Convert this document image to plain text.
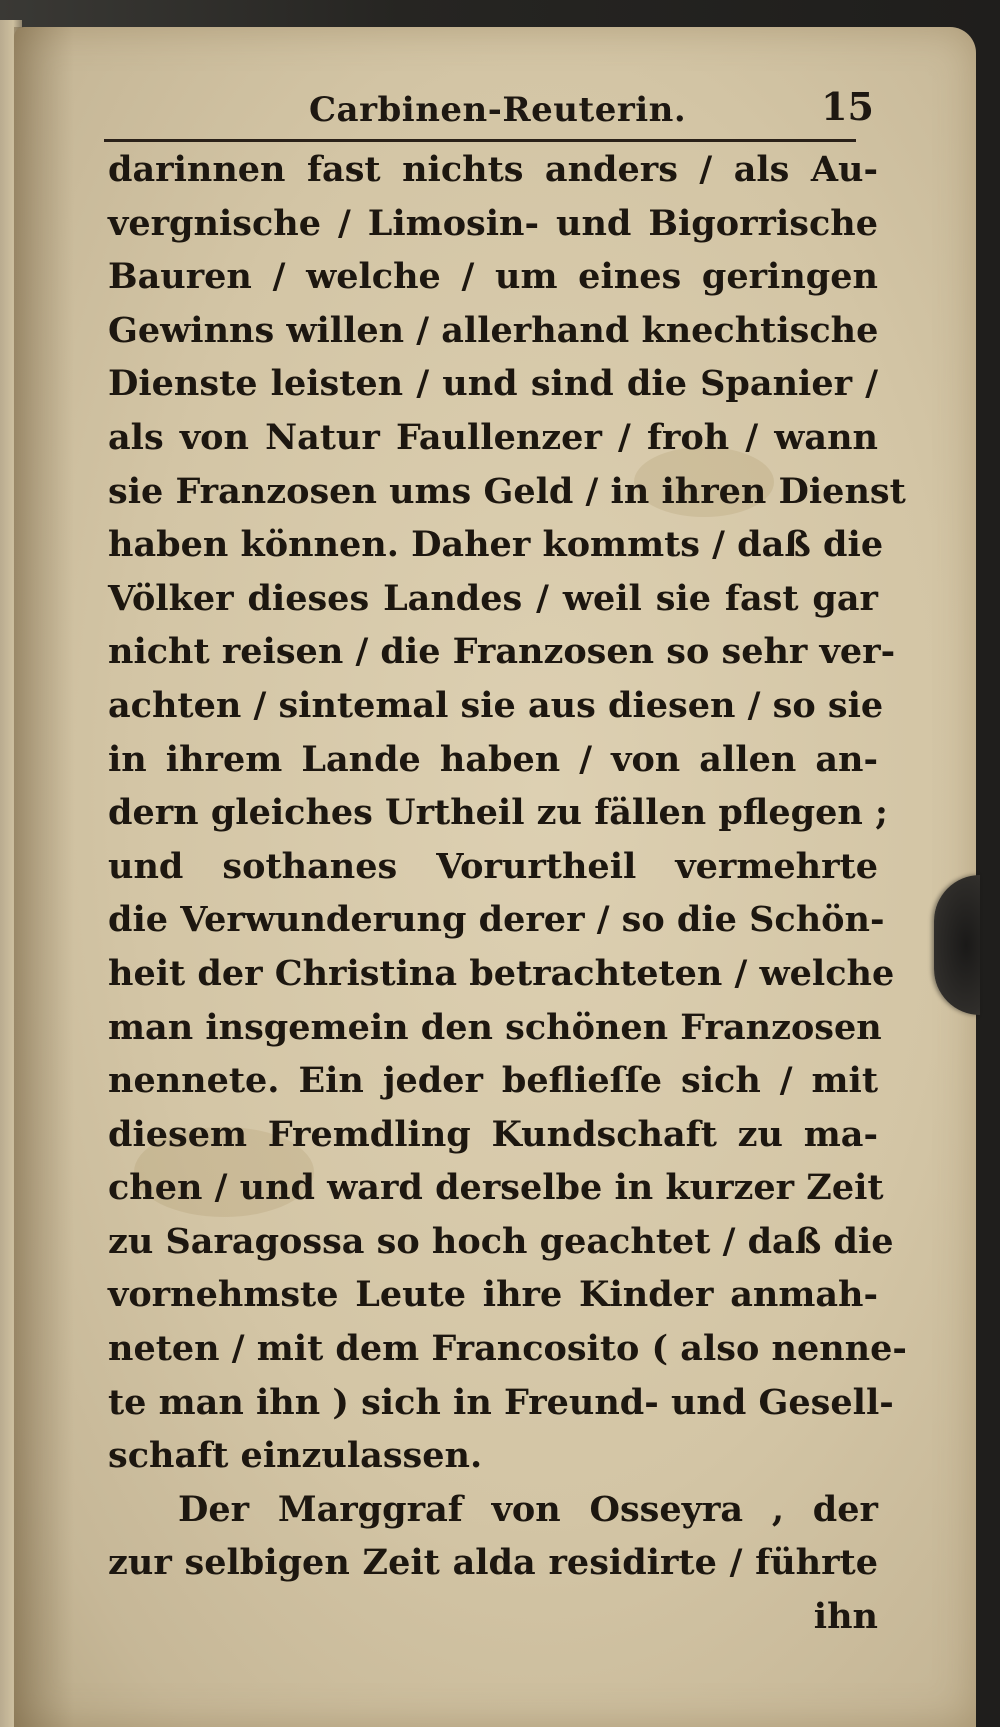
Carbinen-Reuterin.	15
darinnen fast nichts anders / als Au-
vergnische / Limosin- und Bigorrische
Bauren / welche / um eines geringen
Gewinns willen / allerhand knechtische
Dienste leisten / und sind die Spanier /
als von Natur Faullenzer / froh / wann
sie Franzosen ums Geld / in ihren Dienst
haben können. Daher kommts / daß die
Völker dieses Landes / weil sie fast gar
nicht reisen / die Franzosen so sehr ver-
achten / sintemal sie aus diesen / so sie
in ihrem Lande haben / von allen an-
dern gleiches Urtheil zu fällen pflegen ;
und sothanes Vorurtheil vermehrte
die Verwunderung derer / so die Schön-
heit der Christina betrachteten / welche
man insgemein den schönen Franzosen
nennete. Ein jeder beflieſſe sich / mit
diesem Fremdling Kundschaft zu ma-
chen / und ward derselbe in kurzer Zeit
zu Saragossa so hoch geachtet / daß die
vornehmste Leute ihre Kinder anmah-
neten / mit dem Francosito ( also nenne-
te man ihn ) sich in Freund- und Gesell-
schaft einzulassen.
Der Marggraf von Osseyra , der
zur selbigen Zeit alda residirte / führte
ihn
